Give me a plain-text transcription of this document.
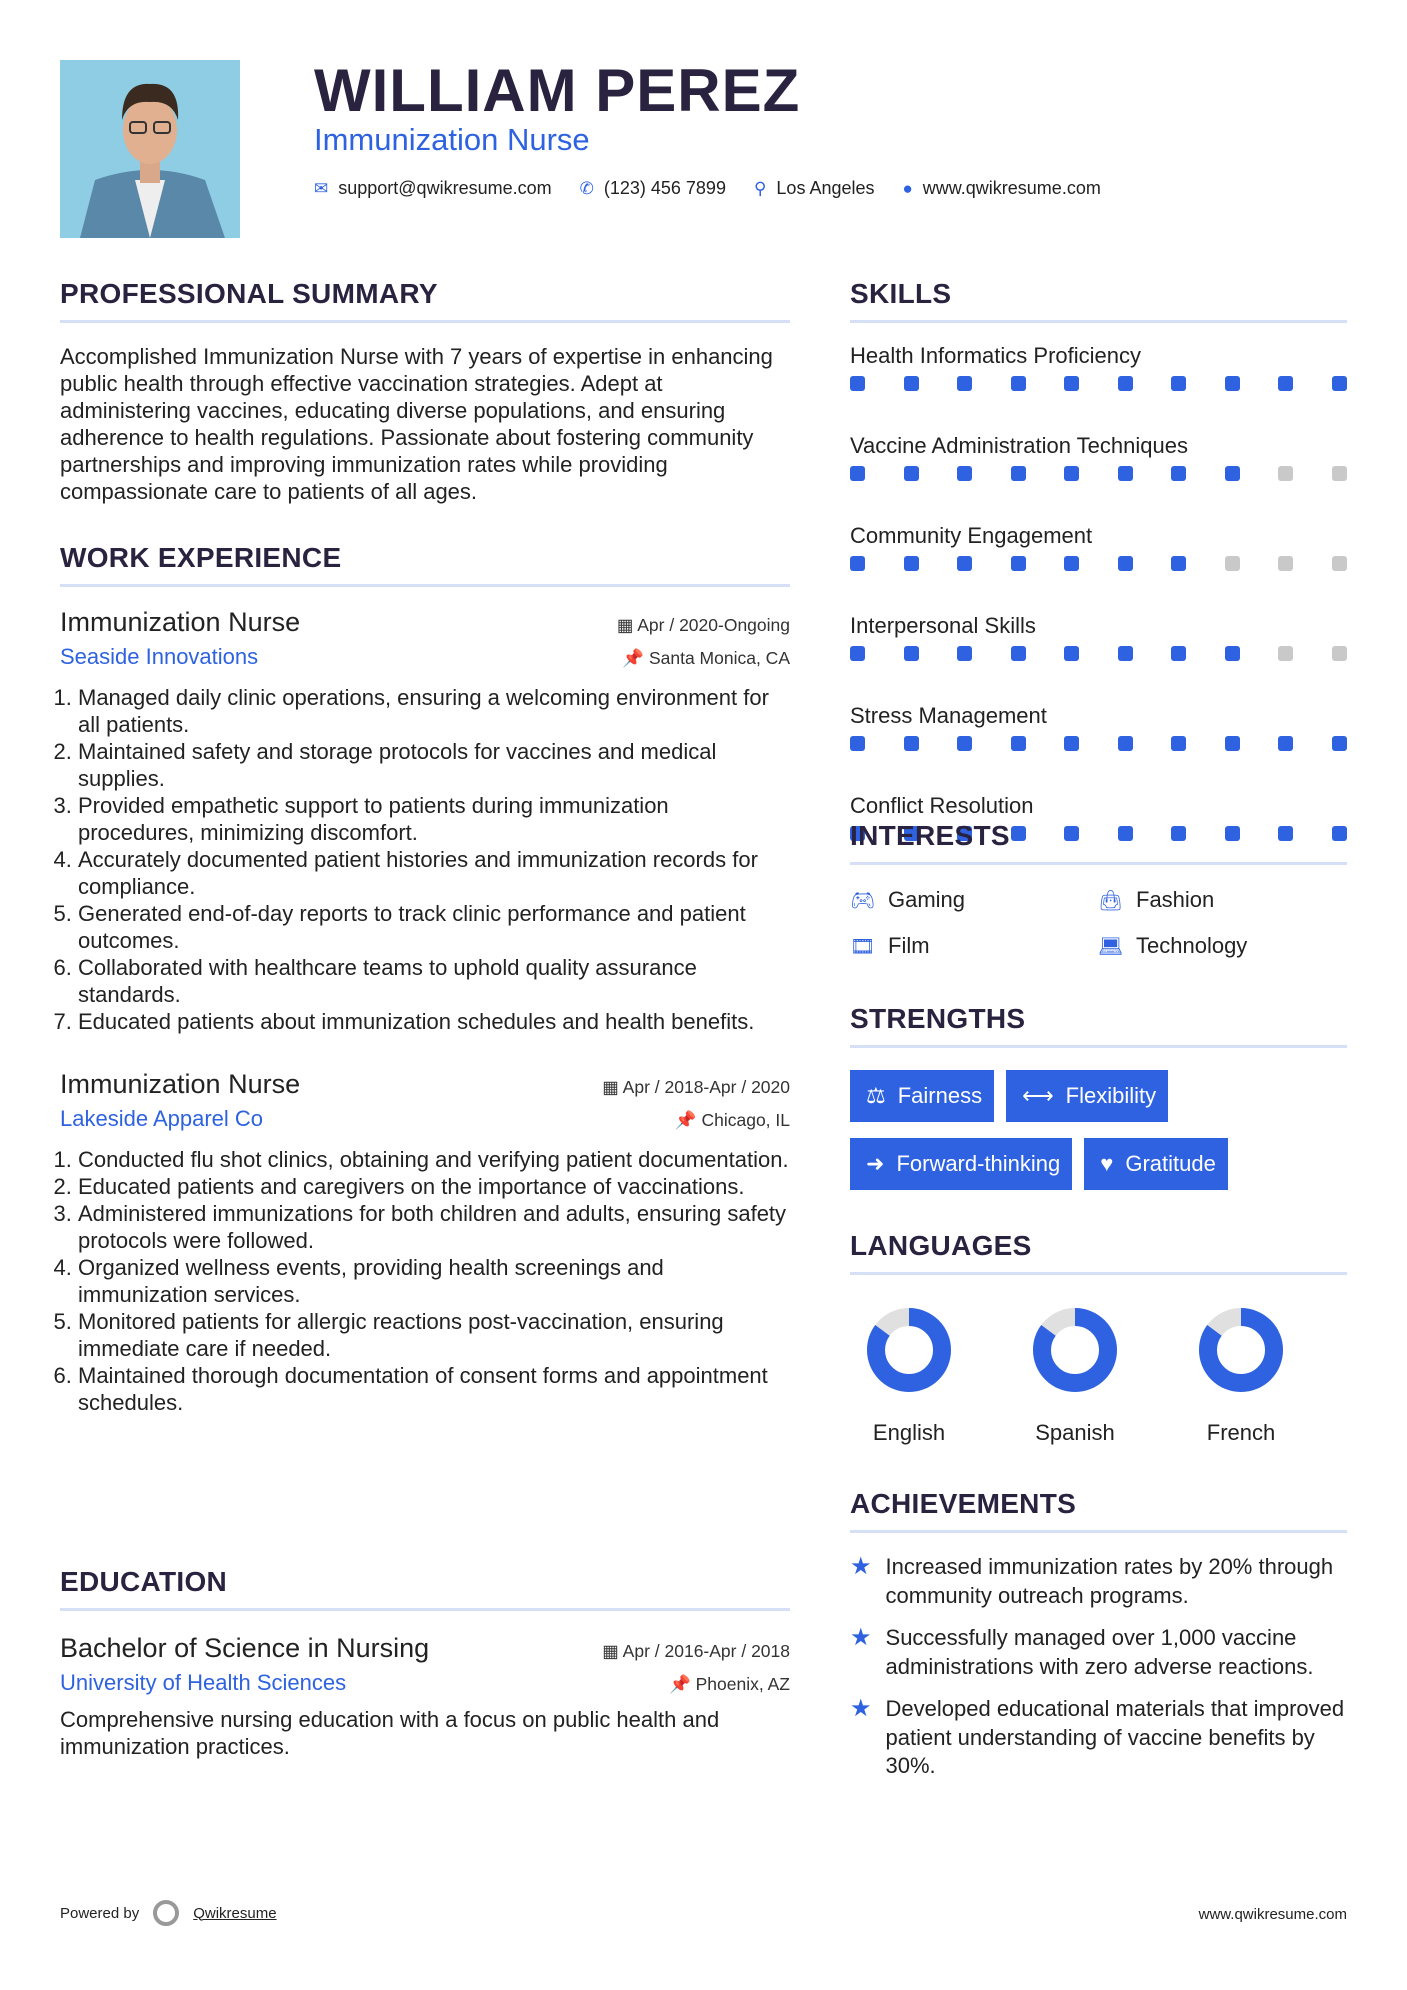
WILLIAM PEREZ
Immunization Nurse
✉ support@qwikresume.com ✆ (123) 456 7899 ⚲ Los Angeles ● www.qwikresume.com
PROFESSIONAL SUMMARY

Accomplished Immunization Nurse with 7 years of expertise in enhancing public health through effective vaccination strategies. Adept at administering vaccines, educating diverse populations, and ensuring adherence to health regulations. Passionate about fostering community partnerships and improving immunization rates while providing compassionate care to patients of all ages.

WORK EXPERIENCE
Immunization Nurse	▦ Apr / 2020-Ongoing
Seaside Innovations	📌 Santa Monica, CA
1. Managed daily clinic operations, ensuring a welcoming environment for all patients.
2. Maintained safety and storage protocols for vaccines and medical supplies.
3. Provided empathetic support to patients during immunization procedures, minimizing discomfort.
4. Accurately documented patient histories and immunization records for compliance.
5. Generated end-of-day reports to track clinic performance and patient outcomes.
6. Collaborated with healthcare teams to uphold quality assurance standards.
7. Educated patients about immunization schedules and health benefits.
Immunization Nurse	▦ Apr / 2018-Apr / 2020
Lakeside Apparel Co	📌 Chicago, IL
1. Conducted flu shot clinics, obtaining and verifying patient documentation.
2. Educated patients and caregivers on the importance of vaccinations.
3. Administered immunizations for both children and adults, ensuring safety protocols were followed.
4. Organized wellness events, providing health screenings and immunization services.
5. Monitored patients for allergic reactions post-vaccination, ensuring immediate care if needed.
6. Maintained thorough documentation of consent forms and appointment schedules.
EDUCATION
Bachelor of Science in Nursing	▦ Apr / 2016-Apr / 2018
University of Health Sciences	📌 Phoenix, AZ

Comprehensive nursing education with a focus on public health and immunization practices.

SKILLS
Health Informatics Proficiency
Vaccine Administration Techniques
Community Engagement
Interpersonal Skills
Stress Management
Conflict Resolution
INTERESTS
🎮︎ Gaming	👜︎ Fashion
🎞︎ Film	💻︎ Technology
STRENGTHS
⚖ Fairness ⟷ Flexibility
➜ Forward-thinking ♥ Gratitude
LANGUAGES
English	Spanish	French
ACHIEVEMENTS
★ Increased immunization rates by 20% through community outreach programs.
★ Successfully managed over 1,000 vaccine administrations with zero adverse reactions.
★ Developed educational materials that improved patient understanding of vaccine benefits by 30%.
Powered by	Qwikresume	www.qwikresume.com
